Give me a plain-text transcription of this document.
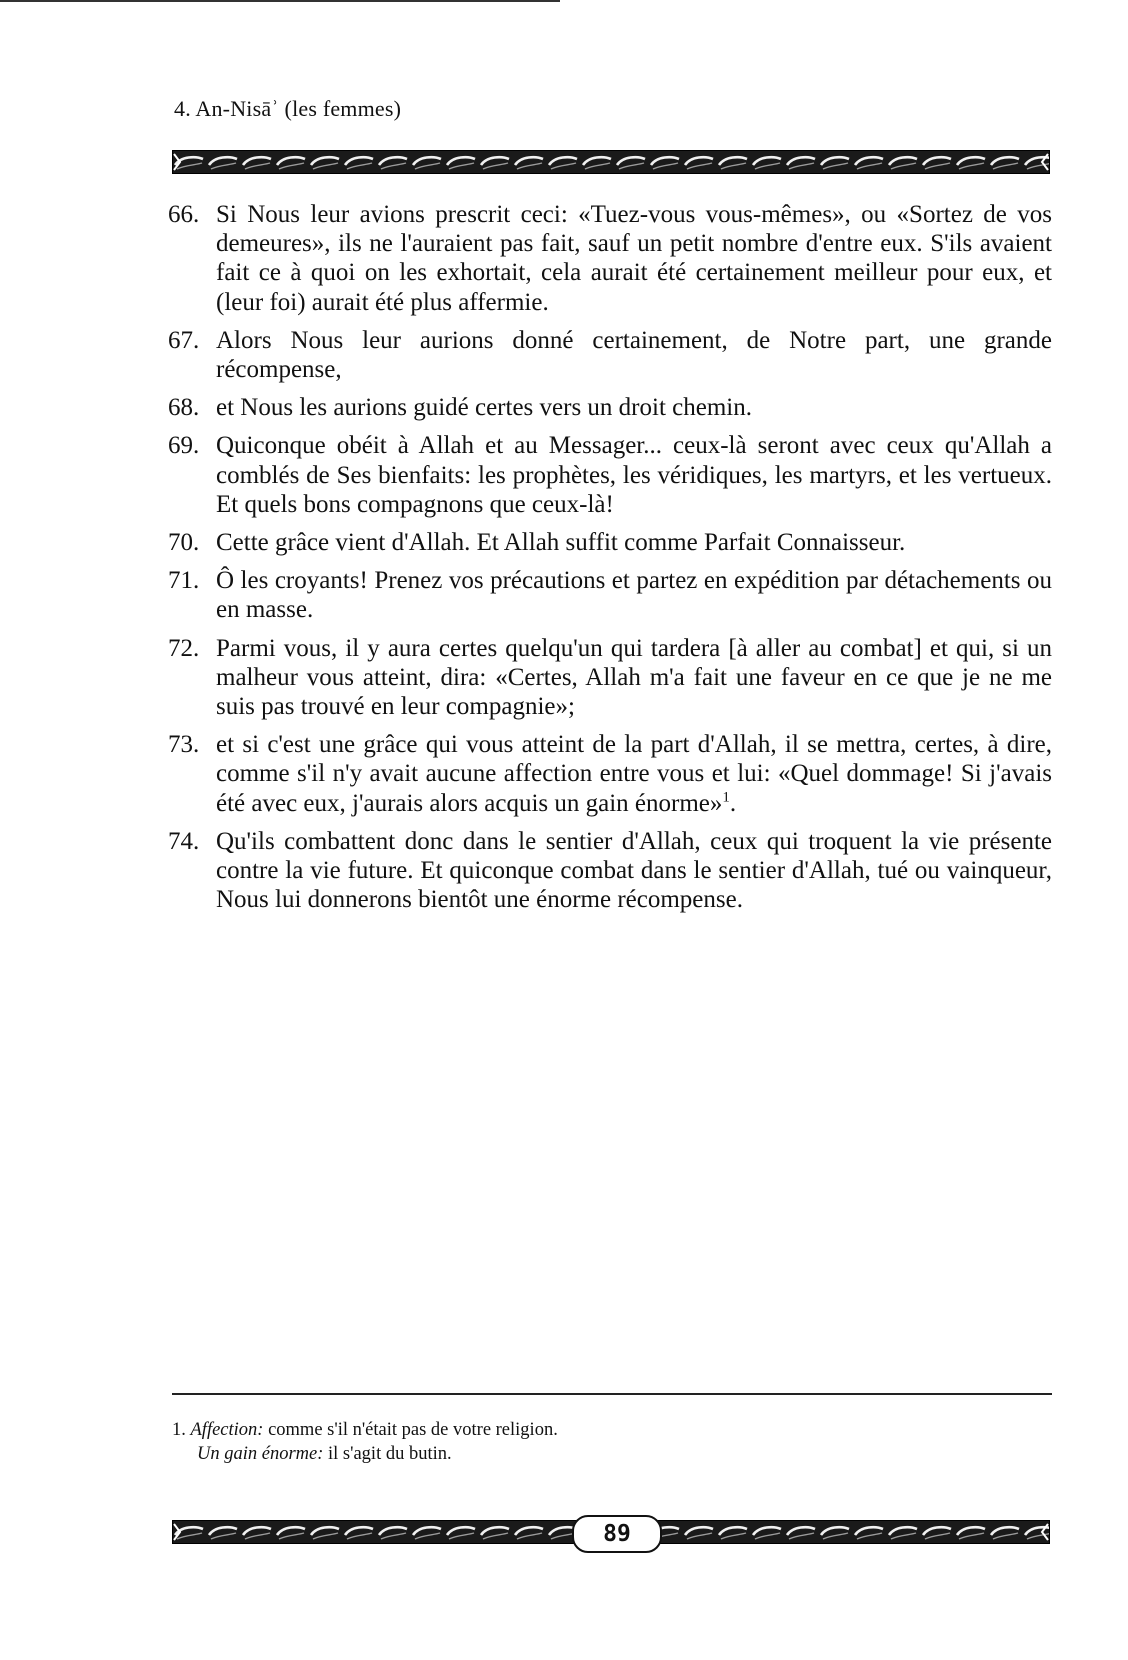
4. An-Nisāʾ (les femmes)
66. Si Nous leur avions prescrit ceci: «Tuez-vous vous-mêmes», ou «Sortez de vos demeures», ils ne l'auraient pas fait, sauf un petit nombre d'entre eux. S'ils avaient fait ce à quoi on les exhortait, cela aurait été certainement meilleur pour eux, et (leur foi) aurait été plus affermie.
67. Alors Nous leur aurions donné certainement, de Notre part, une grande récompense,
68. et Nous les aurions guidé certes vers un droit chemin.
69. Quiconque obéit à Allah et au Messager... ceux-là seront avec ceux qu'Allah a comblés de Ses bienfaits: les prophètes, les véridiques, les martyrs, et les vertueux. Et quels bons compagnons que ceux-là!
70. Cette grâce vient d'Allah. Et Allah suffit comme Parfait Connaisseur.
71. Ô les croyants! Prenez vos précautions et partez en expédition par détachements ou en masse.
72. Parmi vous, il y aura certes quelqu'un qui tardera [à aller au combat] et qui, si un malheur vous atteint, dira: «Certes, Allah m'a fait une faveur en ce que je ne me suis pas trouvé en leur compagnie»;
73. et si c'est une grâce qui vous atteint de la part d'Allah, il se mettra, certes, à dire, comme s'il n'y avait aucune affection entre vous et lui: «Quel dommage! Si j'avais été avec eux, j'aurais alors acquis un gain énorme»$^1$.
74. Qu'ils combattent donc dans le sentier d'Allah, ceux qui troquent la vie présente contre la vie future. Et quiconque combat dans le sentier d'Allah, tué ou vainqueur, Nous lui donnerons bientôt une énorme récompense.
1. Affection: comme s'il n'était pas de votre religion.
Un gain énorme: il s'agit du butin.
89
